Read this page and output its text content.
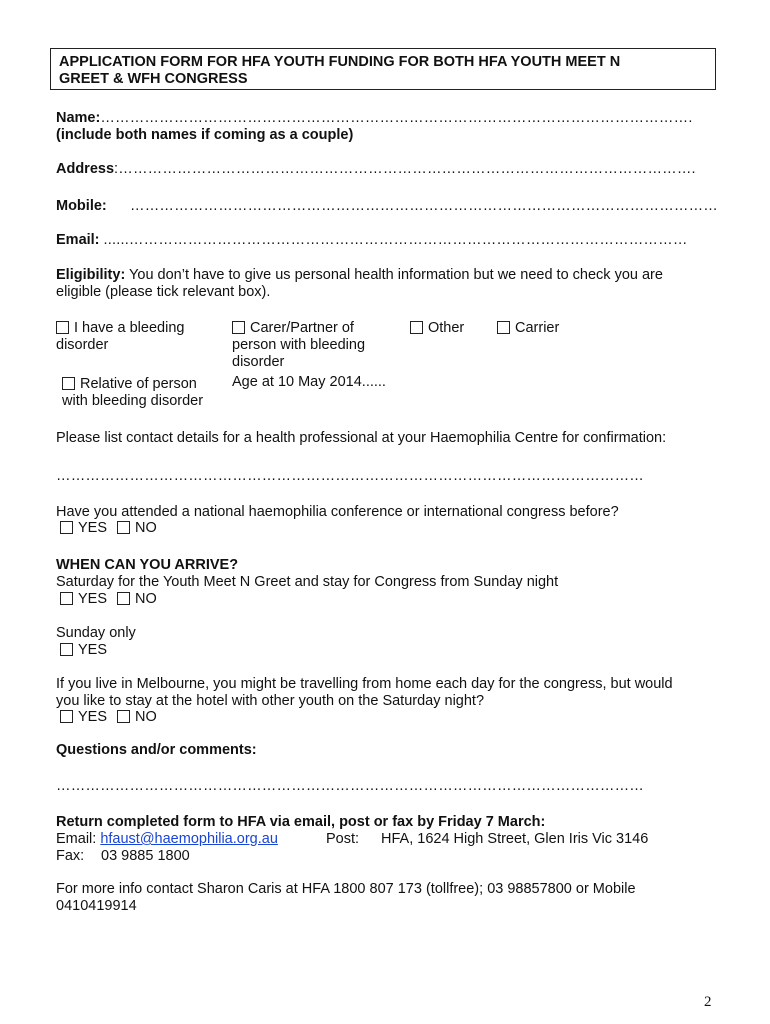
APPLICATION FORM FOR HFA YOUTH FUNDING FOR BOTH HFA YOUTH MEET N
GREET & WFH CONGRESS
Name:………………………………………………………………………………………………………….
(include both names if coming as a couple)
Address:……………………………………………………………………………………………………….
Mobile: …………………………………………………………………………………………………………
Email: ......……………………………………………………………………………………………………
Eligibility: You don’t have to give us personal health information but we need to check you are
eligible (please tick relevant box).
I have a bleeding
disorder
Carer/Partner of
person with bleeding
disorder
Other	Carrier
Relative of person
with bleeding disorder
Age at 10 May 2014......
Please list contact details for a health professional at your Haemophilia Centre for confirmation:
…………………………………………………………………………………………………………
Have you attended a national haemophilia conference or international congress before?
YES NO
WHEN CAN YOU ARRIVE?
Saturday for the Youth Meet N Greet and stay for Congress from Sunday night
YES NO
Sunday only
YES
If you live in Melbourne, you might be travelling from home each day for the congress, but would
you like to stay at the hotel with other youth on the Saturday night?
YES NO
Questions and/or comments:
…………………………………………………………………………………………………………
Return completed form to HFA via email, post or fax by Friday 7 March:
Email: hfaust@haemophilia.org.au	Post: HFA, 1624 High Street, Glen Iris Vic 3146
Fax: 03 9885 1800
For more info contact Sharon Caris at HFA 1800 807 173 (tollfree); 03 98857800 or Mobile
0410419914
2
